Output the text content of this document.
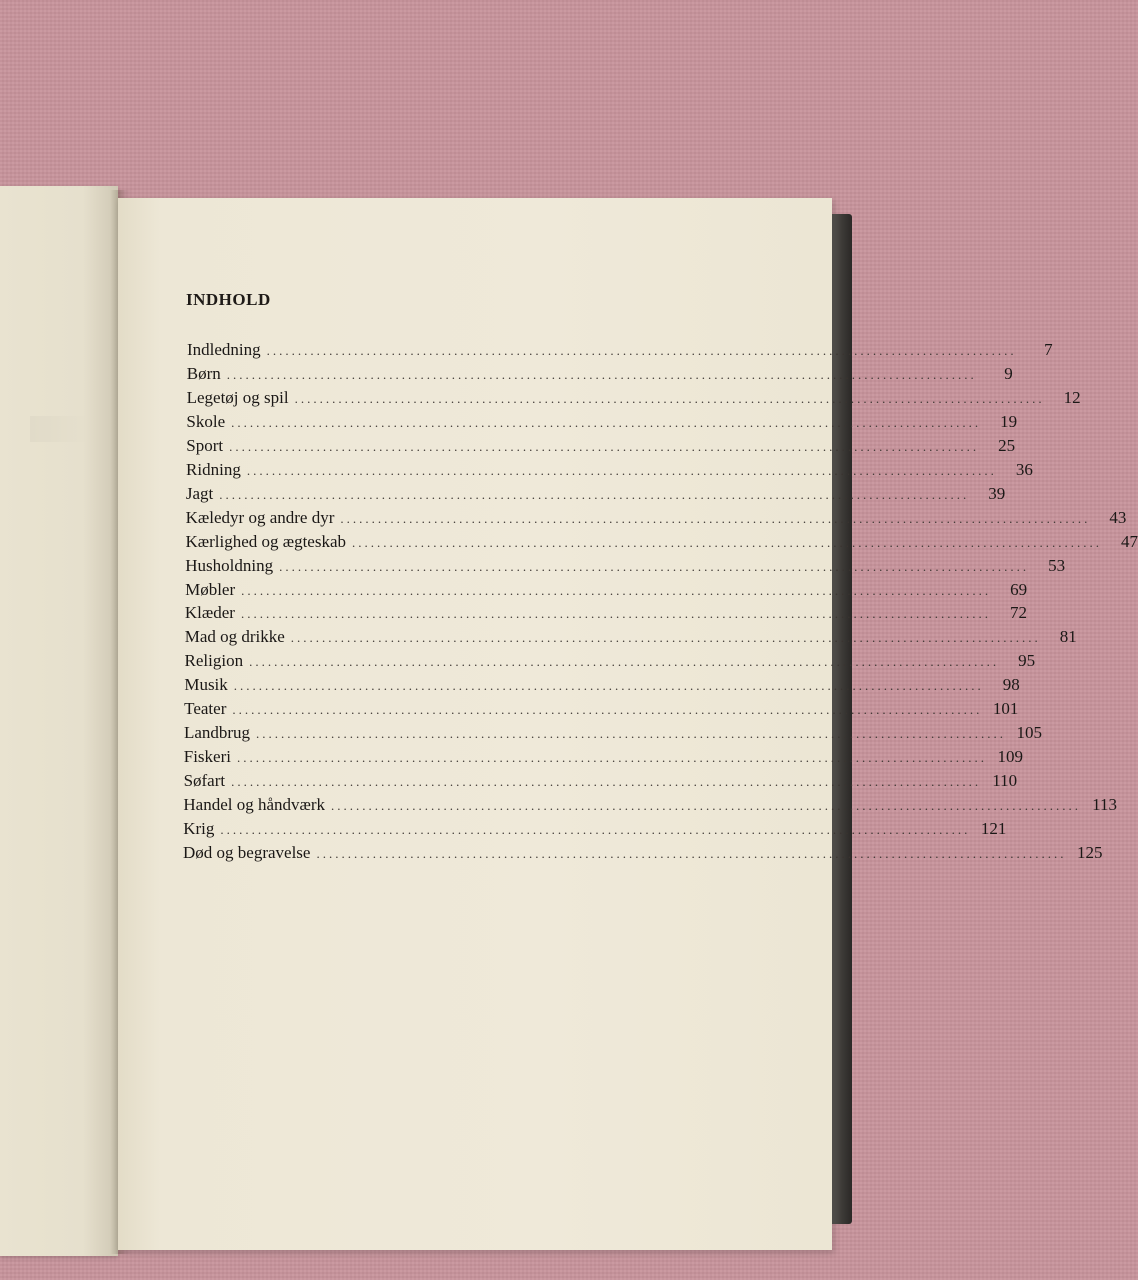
INDHOLD
Indledning ........................................................................................................................	7
Børn ........................................................................................................................	9
Legetøj og spil ........................................................................................................................	12
Skole ........................................................................................................................	19
Sport ........................................................................................................................	25
Ridning ........................................................................................................................	36
Jagt ........................................................................................................................	39
Kæledyr og andre dyr ........................................................................................................................	43
Kærlighed og ægteskab ........................................................................................................................	47
Husholdning ........................................................................................................................	53
Møbler ........................................................................................................................	69
Klæder ........................................................................................................................	72
Mad og drikke ........................................................................................................................	81
Religion ........................................................................................................................	95
Musik ........................................................................................................................	98
Teater ........................................................................................................................ 101
Landbrug ........................................................................................................................ 105
Fiskeri ........................................................................................................................ 109
Søfart ........................................................................................................................ 110
Handel og håndværk ........................................................................................................................ 113
Krig ........................................................................................................................ 121
Død og begravelse ........................................................................................................................ 125
